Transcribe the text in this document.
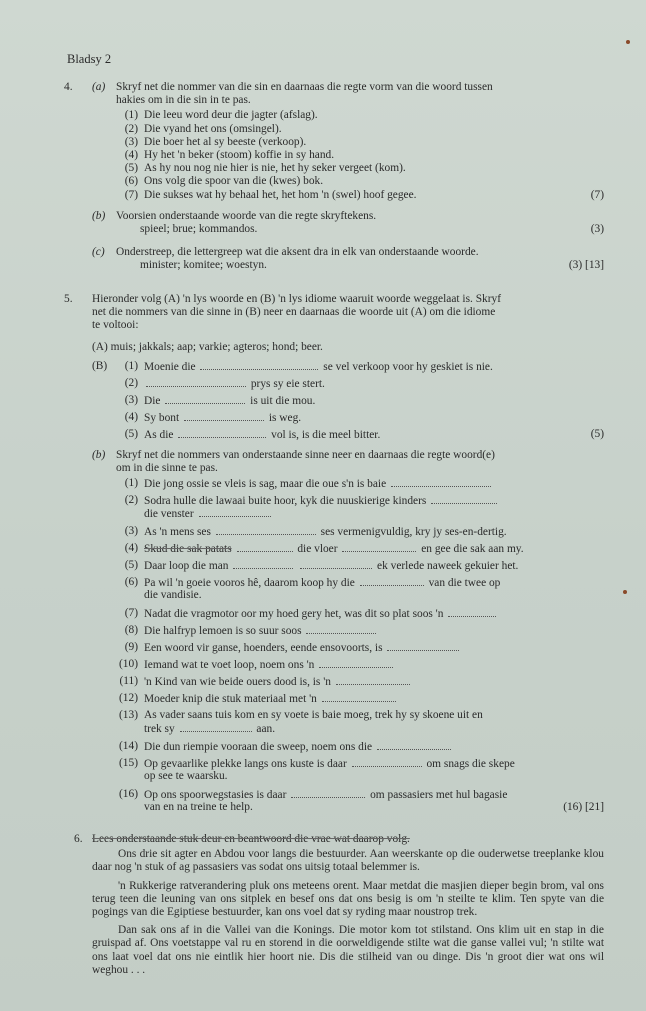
Bladsy 2
4. (a) Skryf net die nommer van die sin en daarnaas die regte vorm van die woord tussen
hakies om in die sin in te pas.
(1) Die leeu word deur die jagter (afslag).
(2) Die vyand het ons (omsingel).
(3) Die boer het al sy beeste (verkoop).
(4) Hy het 'n beker (stoom) koffie in sy hand.
(5) As hy nou nog nie hier is nie, het hy seker vergeet (kom).
(6) Ons volg die spoor van die (kwes) bok.
(7) Die sukses wat hy behaal het, het hom 'n (swel) hoof gegee.	(7)
(b) Voorsien onderstaande woorde van die regte skryftekens.
spieel; brue; kommandos.	(3)
(c) Onderstreep, die lettergreep wat die aksent dra in elk van onderstaande woorde.
minister; komitee; woestyn.	(3) [13]
5. Hieronder volg (A) 'n lys woorde en (B) 'n lys idiome waaruit woorde weggelaat is. Skryf
net die nommers van die sinne in (B) neer en daarnaas die woorde uit (A) om die idiome
te voltooi:
(A) muis; jakkals; aap; varkie; agteros; hond; beer.
(B)	(1) Moenie die	se vel verkoop voor hy geskiet is nie.
(2)	prys sy eie stert.
(3) Die	is uit die mou.
(4) Sy bont	is weg.
(5) As die	vol is, is die meel bitter.	(5)
(b) Skryf net die nommers van onderstaande sinne neer en daarnaas die regte woord(e)
om in die sinne te pas.
(1) Die jong ossie se vleis is sag, maar die oue s'n is baie
(2) Sodra hulle die lawaai buite hoor, kyk die nuuskierige kinders
die venster
(3) As 'n mens ses	ses vermenigvuldig, kry jy ses-en-dertig.
(4) Skud die sak patats	die vloer	en gee die sak aan my.
(5) Daar loop die man	ek verlede naweek gekuier het.
(6) Pa wil 'n goeie vooros hê, daarom koop hy die	van die twee op
die vandisie.
(7) Nadat die vragmotor oor my hoed gery het, was dit so plat soos 'n
(8) Die halfryp lemoen is so suur soos
(9) Een woord vir ganse, hoenders, eende ensovoorts, is
(10) Iemand wat te voet loop, noem ons 'n
(11) 'n Kind van wie beide ouers dood is, is 'n
(12) Moeder knip die stuk materiaal met 'n
(13) As vader saans tuis kom en sy voete is baie moeg, trek hy sy skoene uit en
trek sy	aan.
(14) Die dun riempie vooraan die sweep, noem ons die
(15) Op gevaarlike plekke langs ons kuste is daar	om snags die skepe
op see te waarsku.
(16) Op ons spoorwegstasies is daar	om passasiers met hul bagasie
van en na treine te help.	(16) [21]
6. Lees onderstaande stuk deur en beantwoord die vrae wat daarop volg.

Ons drie sit agter en Abdou voor langs die bestuurder. Aan weerskante op die ouderwetse treeplanke klou daar nog 'n stuk of ag passasiers vas sodat ons uitsig totaal belemmer is.

'n Rukkerige ratverandering pluk ons meteens orent. Maar metdat die masjien dieper begin brom, val ons terug teen die leuning van ons sitplek en besef ons dat ons besig is om 'n steilte te klim. Ten spyte van die pogings van die Egiptiese bestuurder, kan ons voel dat sy ryding maar noustrop trek.

Dan sak ons af in die Vallei van die Konings. Die motor kom tot stilstand. Ons klim uit en stap in die gruispad af. Ons voetstappe val ru en storend in die oorweldigende stilte wat die ganse vallei vul; 'n stilte wat ons laat voel dat ons nie eintlik hier hoort nie. Dis die stilheid van ou dinge. Dis 'n groot dier wat ons wil weghou . . .
